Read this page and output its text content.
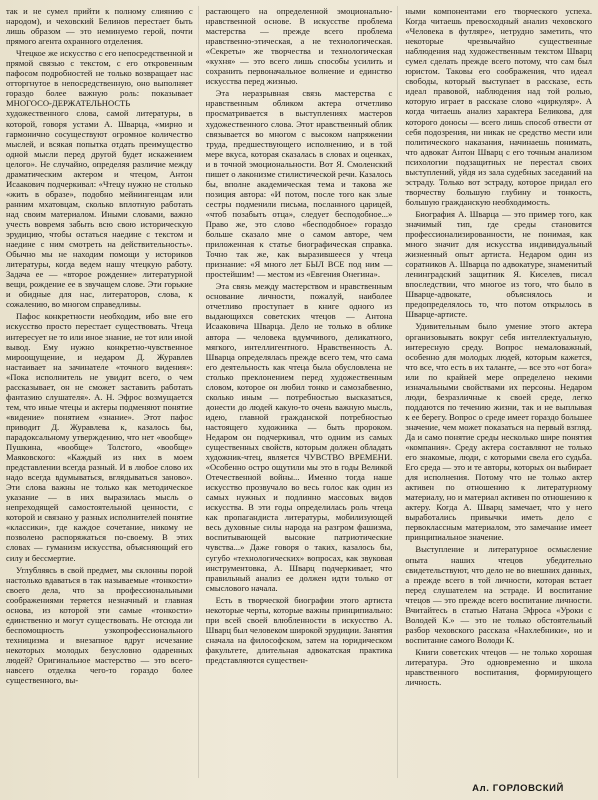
так и не сумел прийти к полному слиянию с народом), и чеховский Белинов перестает быть лишь образом — это неминуемо герой, почти прямого агента охранного отделения.

Чтецкое же искусство с его непосредственной и прямой связью с текстом, с его откровенным пафосом подробностей не только возвращает нас отторгнутое в непосредственную, оно выполняет гораздо более важную роль: показывает МНОГОСО-ДЕРЖАТЕЛЬНОСТЬ художественного слова, самой литературы, в которой, говоря устами А. Шварца, «мирно и гармонично сосуществуют огромное количество мыслей, и всякая попытка отдать преимущество одной мысли перед другой будет искажением целого». Не случайно, определяя различие между драматическим актером и чтецом, Антон Исаакович подчеркивал: «Чтецу нужно не столько «жить в образе», подобно мейнингенцам или ранним мхатовцам, сколько вплотную работать над своим материалом. Иными словами, важно учесть вовремя забыть всю свою историческую эрудицию, чтобы остаться наедине с текстом и наедине с ним смотреть на действительность». Обычно мы не находим помощи у историков литературы, когда ведем нашу чтецкую работу. Задача ее — «второе рождение» литературной вещи, рождение ее в звучащем слове. Эти горькие и обидные для нас, литераторов, слова, к сожалению, во многом справедливы.

Пафос конкретности необходим, ибо вне его искусство просто перестает существовать. Чтеца интересует не то или иное знание, не тот или иной вывод. Ему нужно конкретно-чувственное мироощущение, и недаром Д. Журавлев настаивает на зачинателе «точного видения»: «Пока исполнитель не увидит всего, о чем рассказывает, он не сможет заставить работать фантазию слушателя». А. Н. Эфрос возмущается тем, что иные чтецы и актеры подменяют понятие «видение» понятием «знание». Этот пафос приводит Д. Журавлева к, казалось бы, парадоксальному утверждению, что нет «вообще» Пушкина, «вообще» Толстого, «вообще» Маяковского: «Каждый из них в моем представлении всегда разный. И в любое слово их надо всегда вдумываться, вглядываться заново». Эти слова важны не только как методическое указание — в них выразилась мысль о непреходящей самостоятельной ценности, с которой и связано у разных исполнителей понятие «классики», где каждое сочетание, никому не позволено распоряжаться по-своему. В этих словах — гуманизм искусства, объясняющий его силу и бессмертие.

Углубляясь в свой предмет, мы склонны порой настолько вдаваться в так называемые «тонкости» своего дела, что за профессиональными соображениями теряется незначный и главная основа, из которой эти самые «тонкости» единственно и могут существовать. Не отсюда ли беспомощность узкопрофессионального техницизма и внезапное вдруг исчезание некоторых молодых безусловно одаренных людей? Оригинальное мастерство — это всего-навсего отделка чего-то гораздо более существенного, вы-

растающего на определенной эмоционально-нравственной основе. В искусстве проблема мастерства — прежде всего проблема нравственно-этическая, а не технологическая. «Секреты» же творчества и технологическая «кухня» — это всего лишь способы усилить и сохранить первоначальное волнение и единство искусства перед жизнью.

Эта неразрывная связь мастерства с нравственным обликом актера отчетливо просматривается в выступлениях мастеров художественного слова. Этот нравственный облик связывается во многом с высоком напряжении труда, предшествующего исполнению, и в той мере вкуса, которая сказалась в словах и оценках, и в точной эмоциональности. Вот Я. Смоленский пишет о лаконизме стилистической речи. Казалось бы, вполне академическая тема и такова же позиция автора: «И потом, после того как злые сестры подменили письма, посланного царицей, «чтоб позабыть отца», следует бесподобное...» Право же, это слово «бесподобное» гораздо больше сказало мне о самом авторе, чем приложенная к статье биографическая справка. Точно так же, как выразившееся у чтеца признание: «Я много лет БЫЛ ВСЕ под ним — простейшим! — местом из «Евгения Онегина».

Эта связь между мастерством и нравственным основание личности, пожалуй, наиболее отчетливо проступает в книге одного из выдающихся советских чтецов — Антона Исааковича Шварца. Дело не только в облике автора — человека вдумчивого, деликатного, мягкого, интеллигентного. Нравственность А. Шварца определялась прежде всего тем, что сама его деятельность как чтеца была обусловлена не столько преклонением перед художественным словом, которое он любил тонко и самозабвенно, сколько иным — потребностью высказаться, донести до людей какую-то очень важную мысль, идею, главной гражданской потребностью настоящего художника — быть пророком. Недаром он подчеркивал, что одним из самых существенных свойств, которым должен обладать художник-чтец, является ЧУВСТВО ВРЕМЕНИ. «Особенно остро ощутили мы это в годы Великой Отечественной войны... Именно тогда наше искусство прозвучало во весь голос как один из самых нужных и подлинно массовых видов искусства. В эти годы определилась роль чтеца как пропагандиста литературы, мобилизующей весь духовные силы народа на разгром фашизма, воспитывающей высокие патриотические чувства...» Даже говоря о таких, казалось бы, сугубо «технологических» вопросах, как звуковая инструментовка, А. Шварц подчеркивает, что правильный анализ ее должен идти только от смыслового начала.

Есть в творческой биографии этого артиста некоторые черты, которые важны принципиально: при всей своей влюбленности в искусство А. Шварц был человеком широкой эрудиции. Занятия сначала на философском, затем на юридическом факультете, длительная адвокатская практика представляются существен-

ными компонентами его творческого успеха. Когда читаешь превосходный анализ чеховского «Человека в футляре», нетрудно заметить, что некоторые чрезвычайно существенные наблюдения над художественным текстом Шварц сумел сделать прежде всего потому, что сам был юристом. Таковы его соображения, что идеал свободы, который выступает в рассказе, есть идеал правовой, наблюдения над той ролью, которую играет в рассказе слово «циркуляр». А когда читаешь анализ характера Беликова, для которого доносы — всего лишь способ отвести от себя подозрения, ни никак не средство мести или политического наказания, начинаешь понимать, что адвокат Антон Шварц с его точным анализом психологии подзащитных не перестал своих выступлений, уйдя из зала судебных заседаний на эстраду. Только вот эстраду, которое придал его творчеству большую глубину и тонкость, большую гражданскую необходимость.

Биография А. Шварца — это пример того, как значимый тип, где среды становится профессионализированности, не понимая, как много значит для искусства индивидуальный жизненный опыт артиста. Недаром один из соратников А. Шварца по адвокатуре, знаменитый ленинградский защитник Я. Киселев, писал впоследствии, что многое из того, что было в Шварце-адвокате, объяснялось и предопределялось то, что потом открылось в Шварце-артисте.

Удивительным было умение этого актера организовывать вокруг себя интеллектуальную, интересную среду. Вопрос немаловажный, особенно для молодых людей, которым кажется, что все, что есть в их таланте, — все это «от бога» или по крайней мере определено некими изначальными свойствами их персоны. Недаром люди, безразличные к своей среде, легко поддаются по течению жизни, так и не выплывая к ее берегу. Вопрос о среде имеет гораздо большее значение, чем может показаться на первый взгляд. Да и само понятие среды несколько шире понятия «компания». Среду актера составляют не только его знакомые, люди, с которыми свела его судьба. Его среда — это и те авторы, которых он выбирает для исполнения. Потому что не только актер активен по отношению к литературному материалу, но и материал активен по отношению к актеру. Когда А. Шварц замечает, что у него выработались привычки иметь дело с первоклассным материалом, это замечание имеет принципиальное значение.

Выступление и литературное осмысление опыта наших чтецов убедительно свидетельствуют, что дело не во внешних данных, а прежде всего в той личности, которая встает перед слушателем на эстраде. И воспитание чтецов — это прежде всего воспитание личности. Вчитайтесь в статью Натана Эфроса «Уроки с Володей К.» — это не только обстоятельный разбор чеховского рассказа «Нахлебники», но и воспитание самого Володи К.

Книги советских чтецов — не только хорошая литература. Это одновременно и школа нравственного воспитания, формирующего личность.

Ал. ГОРЛОВСКИЙ
